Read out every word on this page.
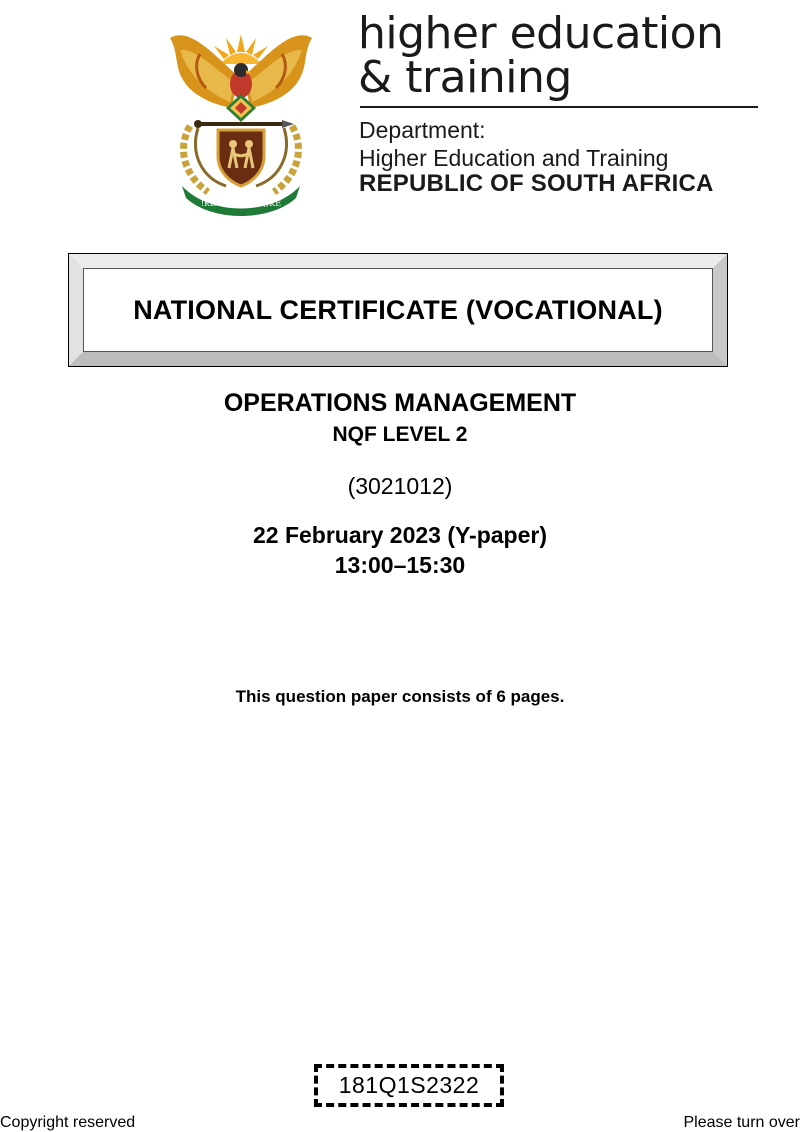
!KE E: /XARRA //KE
higher education
& training
Department:
Higher Education and Training
REPUBLIC OF SOUTH AFRICA
NATIONAL CERTIFICATE (VOCATIONAL)
OPERATIONS MANAGEMENT
NQF LEVEL 2
(3021012)
22 February 2023 (Y-paper)
13:00–15:30
This question paper consists of 6 pages.
181Q1S2322
Copyright reserved	Please turn over
